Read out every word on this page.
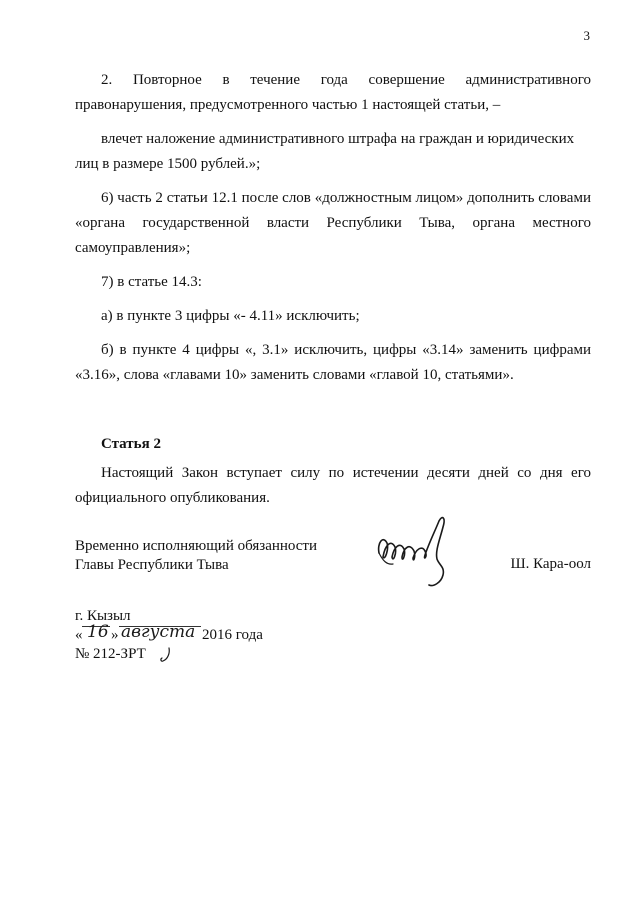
3

2. Повторное в течение года совершение административного правонарушения, предусмотренного частью 1 настоящей статьи, –

влечет наложение административного штрафа на граждан и юридических лиц в размере 1500 рублей.»;

6) часть 2 статьи 12.1 после слов «должностным лицом» дополнить словами «органа государственной власти Республики Тыва, органа местного самоуправления»;

7) в статье 14.3:

а) в пункте 3 цифры «- 4.11» исключить;

б) в пункте 4 цифры «, 3.1» исключить, цифры «3.14» заменить цифрами «3.16», слова «главами 10» заменить словами «главой 10, статьями».

Статья 2

Настоящий Закон вступает силу по истечении десяти дней со дня его официального опубликования.

Временно исполняющий обязанности
Главы Республики Тыва	Ш. Кара-оол
г. Кызыл
« 16 » августа 2016 года
№ 212-ЗРТ
